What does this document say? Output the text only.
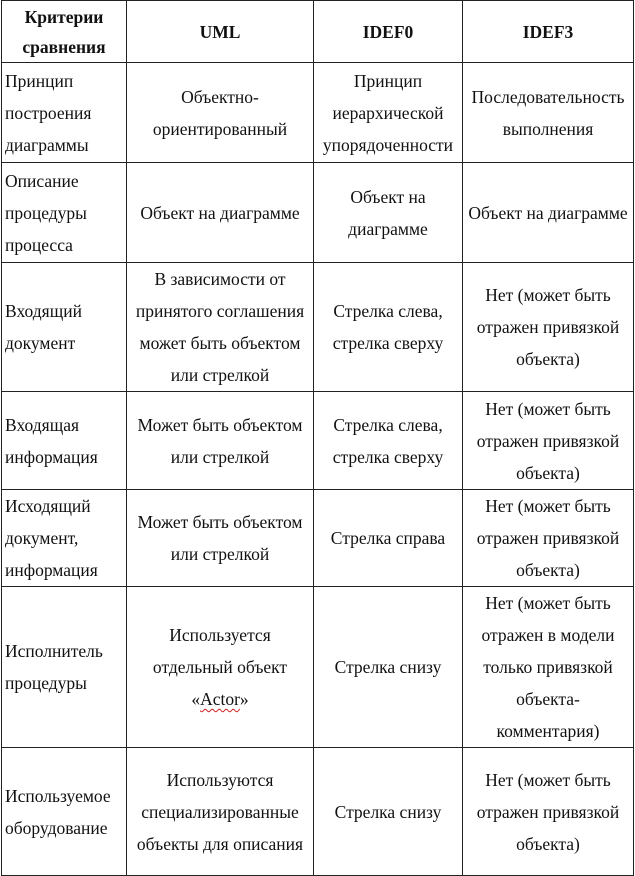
Критерии сравнения	UML	IDEF0	IDEF3
Принцип построения диаграммы	Объектно-ориентированный	Принцип иерархической упорядоченности	Последовательность выполнения
Описание процедуры процесса	Объект на диаграмме	Объект на диаграмме	Объект на диаграмме
Входящий документ	В зависимости от принятого соглашения может быть объектом или стрелкой	Стрелка слева, стрелка сверху	Нет (может быть отражен привязкой объекта)
Входящая информация	Может быть объектом или стрелкой	Стрелка слева, стрелка сверху	Нет (может быть отражен привязкой объекта)
Исходящий документ, информация	Может быть объектом или стрелкой	Стрелка справа	Нет (может быть отражен привязкой объекта)
Исполнитель процедуры	Используется отдельный объект «Actor»	Стрелка снизу	Нет (может быть отражен в модели только привязкой объекта-комментария)
Используемое оборудование	Используются специализированные объекты для описания	Стрелка снизу	Нет (может быть отражен привязкой объекта)
